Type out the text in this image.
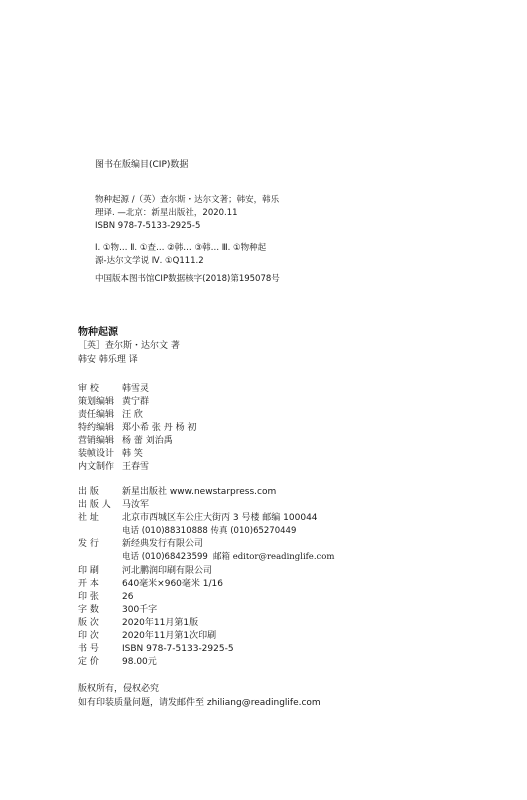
图书在版编目(CIP)数据
物种起源 /（英）查尔斯・达尔文著；韩安，韩乐
理译. —北京：新星出版社，2020.11
ISBN 978-7-5133-2925-5
Ⅰ. ①物… Ⅱ. ①查… ②韩… ③韩… Ⅲ. ①物种起
源-达尔文学说 Ⅳ. ①Q111.2
中国版本图书馆CIP数据核字(2018)第195078号
物种起源
［英］查尔斯・达尔文 著
韩安 韩乐理 译
审 校	韩雪灵
策划编辑 黄宁群
责任编辑 汪 欣
特约编辑 郑小希 张 丹 杨 初
营销编辑 杨 蕾 刘治禹
装帧设计 韩 笑
内文制作 王春雪
出 版	新星出版社 www.newstarpress.com
出 版 人 马汝军
社 址	北京市西城区车公庄大街丙 3 号楼 邮编 100044
电话 (010)88310888 传真 (010)65270449
发 行	新经典发行有限公司
电话 (010)68423599 邮箱 editor@readinglife.com
印 刷	河北鹏润印刷有限公司
开 本	640毫米×960毫米 1/16
印 张	26
字 数	300千字
版 次	2020年11月第1版
印 次	2020年11月第1次印刷
书 号	ISBN 978-7-5133-2925-5
定 价	98.00元
版权所有，侵权必究
如有印装质量问题，请发邮件至 zhiliang@readinglife.com
